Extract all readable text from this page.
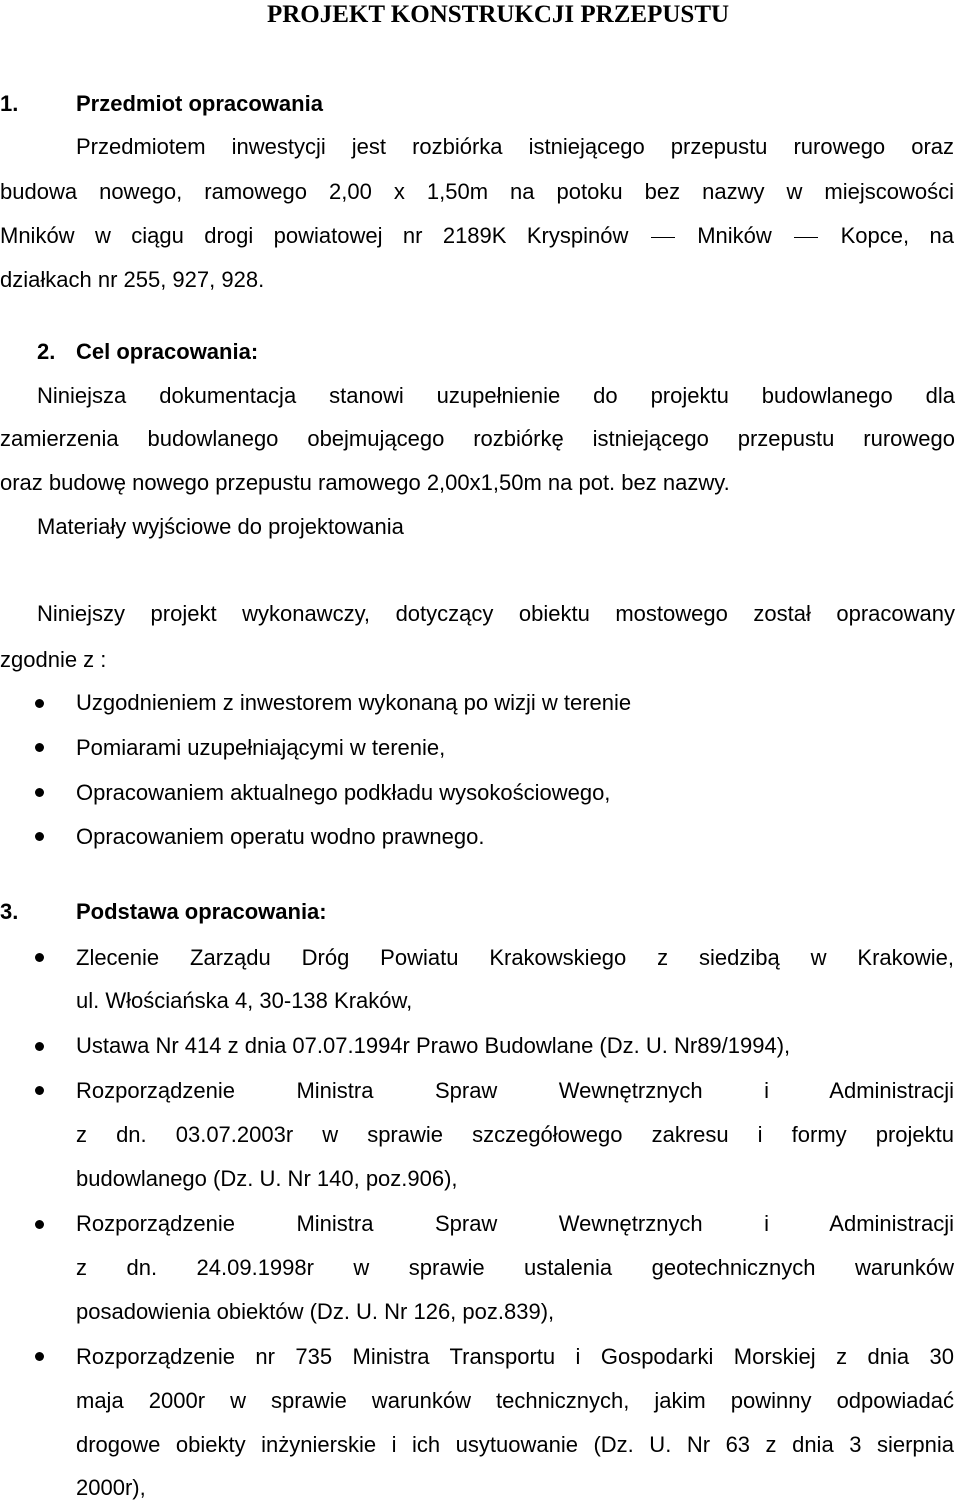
PROJEKT KONSTRUKCJI PRZEPUSTU
1.	Przedmiot opracowania
Przedmiotem inwestycji jest rozbiórka istniejącego przepustu rurowego oraz
budowa nowego, ramowego 2,00 x 1,50m na potoku bez nazwy w miejscowości
Mników w ciągu drogi powiatowej nr 2189K Kryspinów	Mników	Kopce, na
działkach nr 255, 927, 928.
2. Cel opracowania:
Niniejsza dokumentacja stanowi uzupełnienie do projektu budowlanego dla
zamierzenia budowlanego obejmującego rozbiórkę istniejącego przepustu rurowego
oraz budowę nowego przepustu ramowego 2,00x1,50m na pot. bez nazwy.
Materiały wyjściowe do projektowania
Niniejszy projekt wykonawczy, dotyczący obiektu mostowego został opracowany
zgodnie z :
Uzgodnieniem z inwestorem wykonaną po wizji w terenie
Pomiarami uzupełniającymi w terenie,
Opracowaniem aktualnego podkładu wysokościowego,
Opracowaniem operatu wodno prawnego.
3.	Podstawa opracowania:
Zlecenie Zarządu Dróg Powiatu Krakowskiego z siedzibą w Krakowie,
ul. Włościańska 4, 30-138 Kraków,
Ustawa Nr 414 z dnia 07.07.1994r Prawo Budowlane (Dz. U. Nr89/1994),
Rozporządzenie Ministra Spraw Wewnętrznych i Administracji
z dn. 03.07.2003r w sprawie szczegółowego zakresu i formy projektu
budowlanego (Dz. U. Nr 140, poz.906),
Rozporządzenie Ministra Spraw Wewnętrznych i Administracji
z dn. 24.09.1998r w sprawie ustalenia geotechnicznych warunków
posadowienia obiektów (Dz. U. Nr 126, poz.839),
Rozporządzenie nr 735 Ministra Transportu i Gospodarki Morskiej z dnia 30
maja 2000r w sprawie warunków technicznych, jakim powinny odpowiadać
drogowe obiekty inżynierskie i ich usytuowanie (Dz. U. Nr 63 z dnia 3 sierpnia
2000r),
